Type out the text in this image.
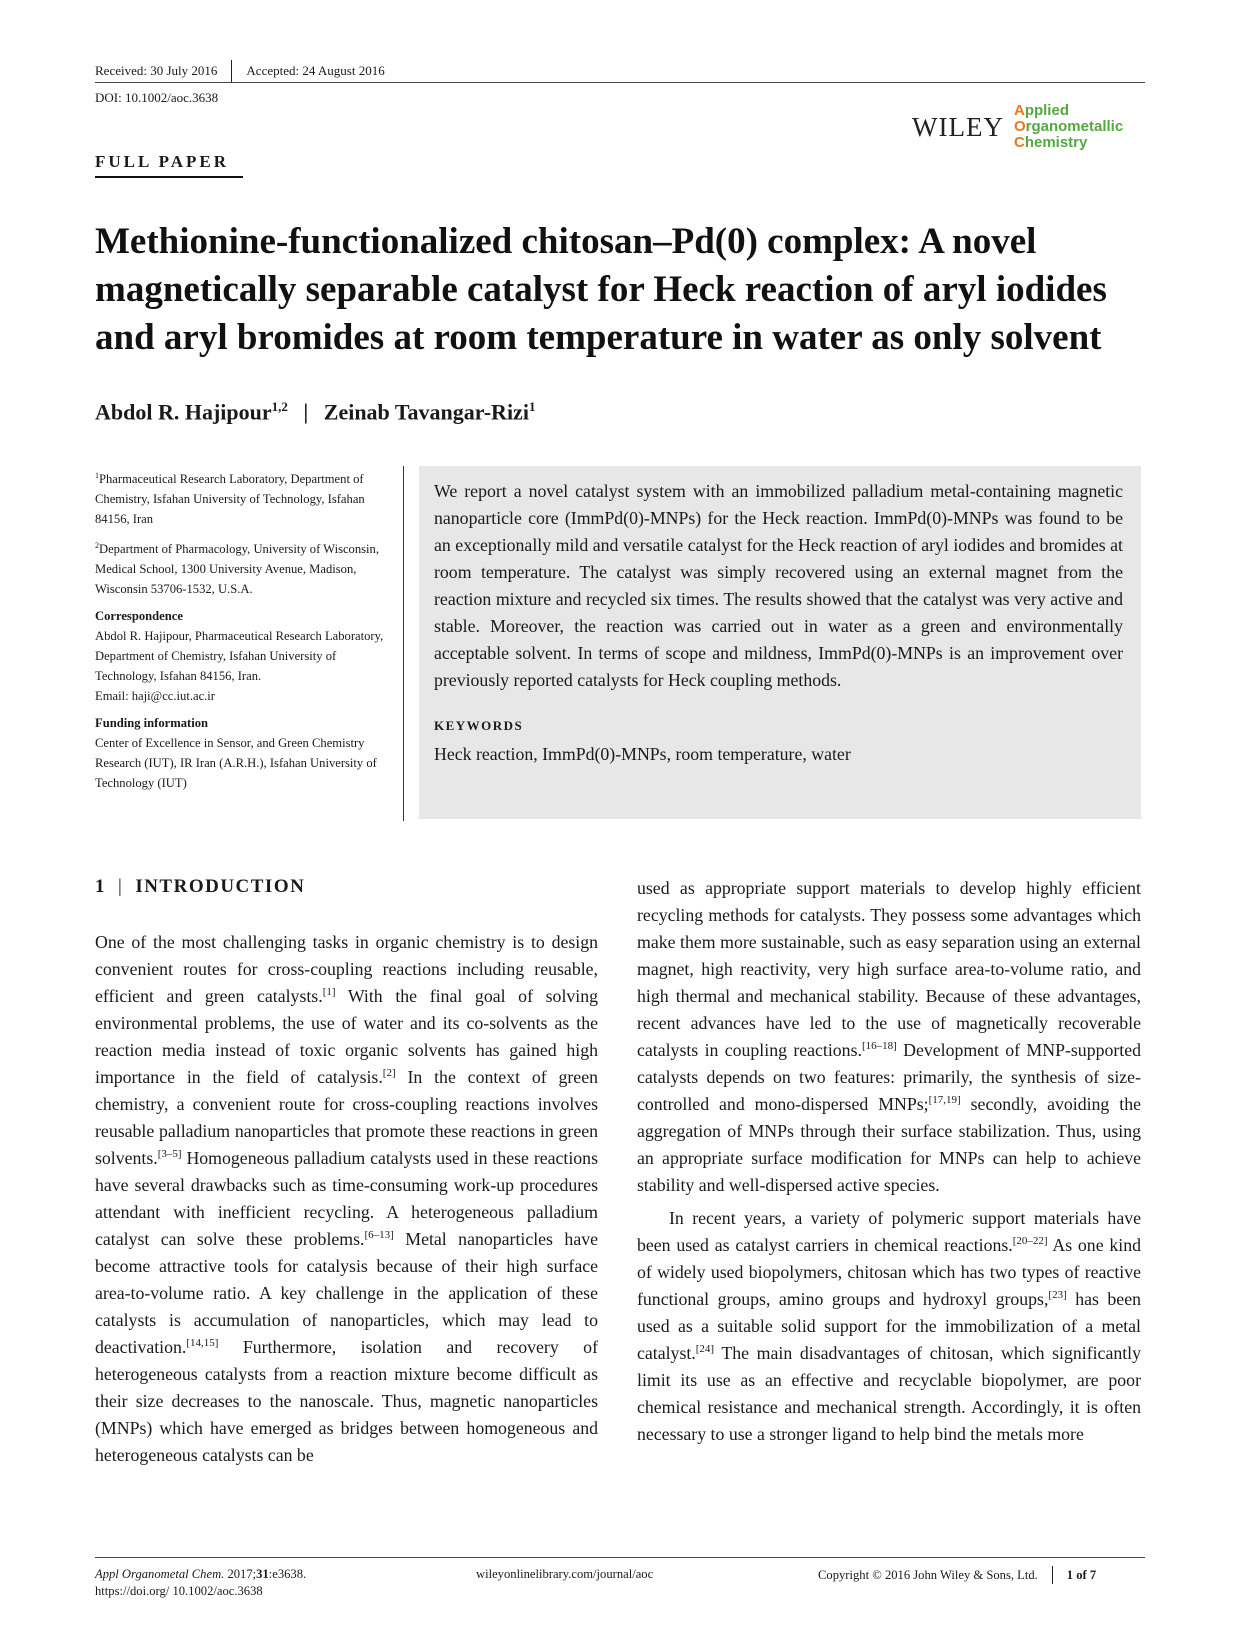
Received: 30 July 2016 Accepted: 24 August 2016
DOI: 10.1002/aoc.3638
WILEY
Applied
Organometallic
Chemistry
FULL PAPER
Methionine-functionalized chitosan–Pd(0) complex: A novel magnetically separable catalyst for Heck reaction of aryl iodides and aryl bromides at room temperature in water as only solvent
Abdol R. Hajipour$^{1,2}$ | Zeinab Tavangar-Rizi$^1$

$^1$Pharmaceutical Research Laboratory, Department of Chemistry, Isfahan University of Technology, Isfahan 84156, Iran

$^2$Department of Pharmacology, University of Wisconsin, Medical School, 1300 University Avenue, Madison, Wisconsin 53706-1532, U.S.A.

Correspondence

Abdol R. Hajipour, Pharmaceutical Research Laboratory, Department of Chemistry, Isfahan University of Technology, Isfahan 84156, Iran.

Email: haji@cc.iut.ac.ir

Funding information

Center of Excellence in Sensor, and Green Chemistry Research (IUT), IR Iran (A.R.H.), Isfahan University of Technology (IUT)

We report a novel catalyst system with an immobilized palladium metal-containing magnetic nanoparticle core (ImmPd(0)-MNPs) for the Heck reaction. ImmPd(0)-MNPs was found to be an exceptionally mild and versatile catalyst for the Heck reaction of aryl iodides and bromides at room temperature. The catalyst was simply recovered using an external magnet from the reaction mixture and recycled six times. The results showed that the catalyst was very active and stable. Moreover, the reaction was carried out in water as a green and environmentally acceptable solvent. In terms of scope and mildness, ImmPd(0)-MNPs is an improvement over previously reported catalysts for Heck coupling methods.
KEYWORDS
Heck reaction, ImmPd(0)-MNPs, room temperature, water
1 | INTRODUCTION

One of the most challenging tasks in organic chemistry is to design convenient routes for cross-coupling reactions including reusable, efficient and green catalysts.[1] With the final goal of solving environmental problems, the use of water and its co-solvents as the reaction media instead of toxic organic solvents has gained high importance in the field of catalysis.[2] In the context of green chemistry, a convenient route for cross-coupling reactions involves reusable palladium nanoparticles that promote these reactions in green solvents.[3–5] Homogeneous palladium catalysts used in these reactions have several drawbacks such as time-consuming work-up procedures attendant with inefficient recycling. A heterogeneous palladium catalyst can solve these problems.[6–13] Metal nanoparticles have become attractive tools for catalysis because of their high surface area-to-volume ratio. A key challenge in the application of these catalysts is accumulation of nanoparticles, which may lead to deactivation.[14,15] Furthermore, isolation and recovery of heterogeneous catalysts from a reaction mixture become difficult as their size decreases to the nanoscale. Thus, magnetic nanoparticles (MNPs) which have emerged as bridges between homogeneous and heterogeneous catalysts can be

used as appropriate support materials to develop highly efficient recycling methods for catalysts. They possess some advantages which make them more sustainable, such as easy separation using an external magnet, high reactivity, very high surface area-to-volume ratio, and high thermal and mechanical stability. Because of these advantages, recent advances have led to the use of magnetically recoverable catalysts in coupling reactions.[16–18] Development of MNP-supported catalysts depends on two features: primarily, the synthesis of size-controlled and mono-dispersed MNPs;[17,19] secondly, avoiding the aggregation of MNPs through their surface stabilization. Thus, using an appropriate surface modification for MNPs can help to achieve stability and well-dispersed active species.

In recent years, a variety of polymeric support materials have been used as catalyst carriers in chemical reactions.[20–22] As one kind of widely used biopolymers, chitosan which has two types of reactive functional groups, amino groups and hydroxyl groups,[23] has been used as a suitable solid support for the immobilization of a metal catalyst.[24] The main disadvantages of chitosan, which significantly limit its use as an effective and recyclable biopolymer, are poor chemical resistance and mechanical strength. Accordingly, it is often necessary to use a stronger ligand to help bind the metals more

Appl Organometal Chem. 2017;31:e3638.
https://doi.org/ 10.1002/aoc.3638
wileyonlinelibrary.com/journal/aoc	Copyright © 2016 John Wiley & Sons, Ltd. 1 of 7
